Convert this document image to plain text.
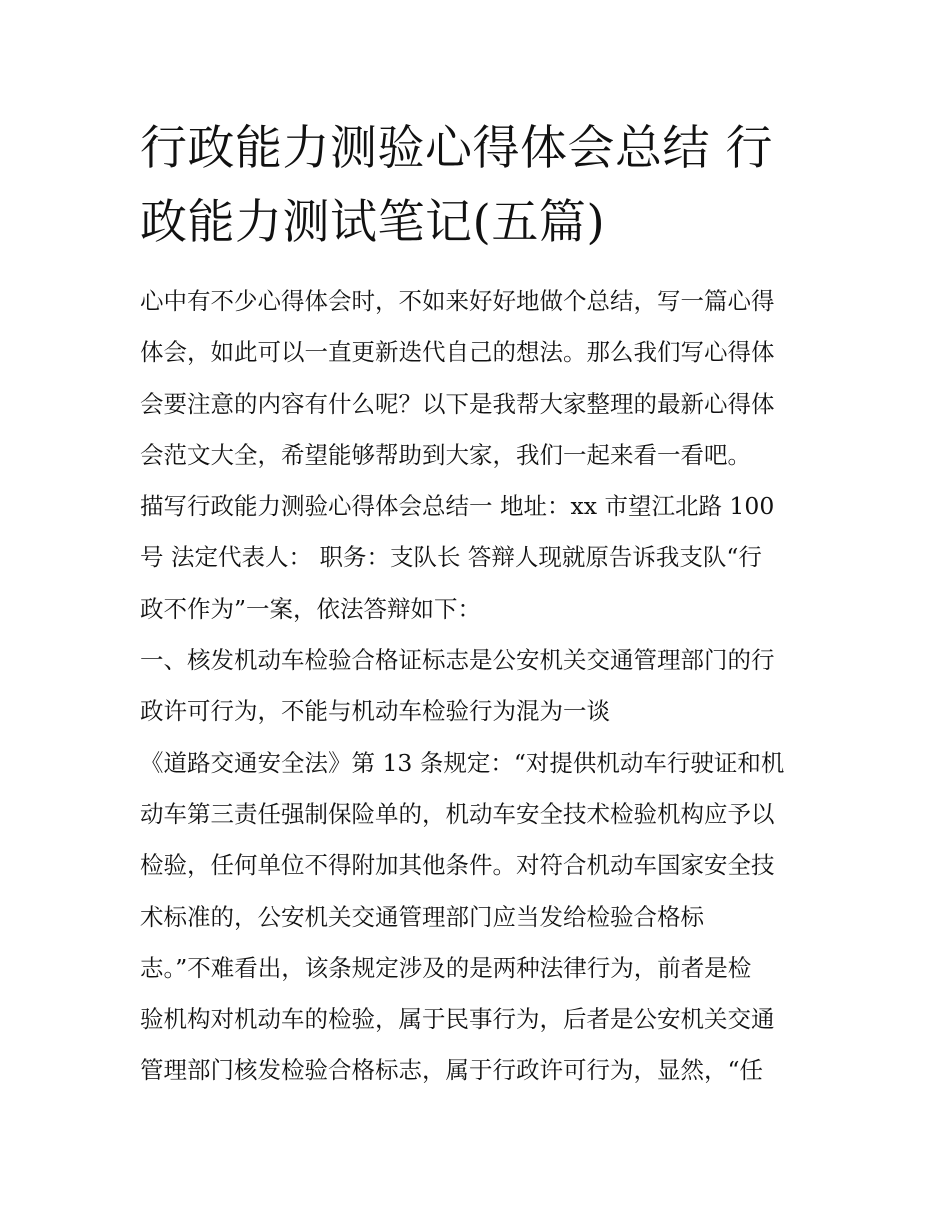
行政能力测验心得体会总结 行
政能力测试笔记(五篇)
心中有不少心得体会时，不如来好好地做个总结，写一篇心得
体会，如此可以一直更新迭代自己的想法。那么我们写心得体
会要注意的内容有什么呢？以下是我帮大家整理的最新心得体
会范文大全，希望能够帮助到大家，我们一起来看一看吧。
描写行政能力测验心得体会总结一 地址：xx 市望江北路 100
号 法定代表人： 职务：支队长 答辩人现就原告诉我支队“行
政不作为”一案，依法答辩如下：
一、核发机动车检验合格证标志是公安机关交通管理部门的行
政许可行为，不能与机动车检验行为混为一谈
《道路交通安全法》第 13 条规定：“对提供机动车行驶证和机
动车第三责任强制保险单的，机动车安全技术检验机构应予以
检验，任何单位不得附加其他条件。对符合机动车国家安全技
术标准的，公安机关交通管理部门应当发给检验合格标
志。”不难看出，该条规定涉及的是两种法律行为，前者是检
验机构对机动车的检验，属于民事行为，后者是公安机关交通
管理部门核发检验合格标志，属于行政许可行为，显然，“任
